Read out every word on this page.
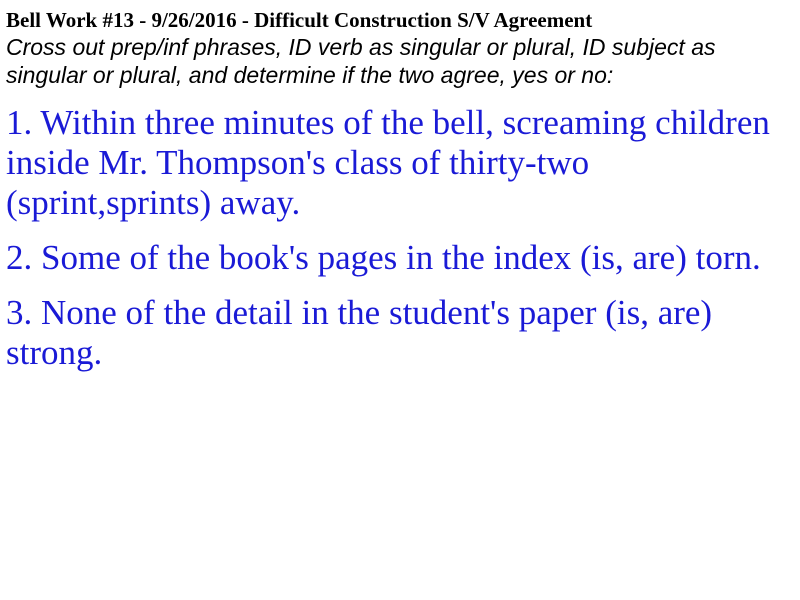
Bell Work #13 - 9/26/2016 - Difficult Construction S/V Agreement

Cross out prep/inf phrases, ID verb as singular or plural, ID subject as singular or plural, and determine if the two agree, yes or no:

1. Within three minutes of the bell, screaming children inside Mr. Thompson's class of thirty-two (sprint,sprints) away.

2. Some of the book's pages in the index (is, are) torn.

3. None of the detail in the student's paper (is, are) strong.
